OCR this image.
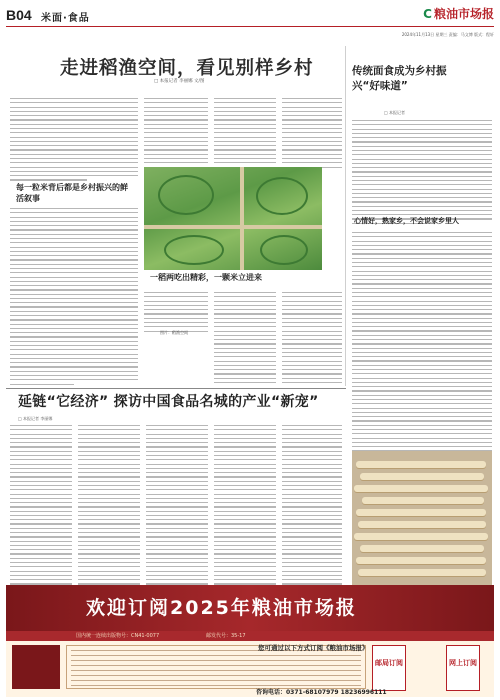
B04 米面·食品	C 粮油市场报
2024年11月13日 星期三 责编：马文博 版式：程轩
走进稻渔空间，看见别样乡村
□ 本报记者 李丽娜 文/图
每一粒米背后都是乡村振兴的鲜活叙事
一稻两吃出精彩，一颗米立进来
图片：稻渔空间
传统面食成为乡村振兴“好味道”
□ 本报记者
心情好，熟家乡，不会说家乡里人
延链“它经济” 探访中国食品名城的产业“新宠”
□ 本报记者 李丽娜
欢迎订阅2025年粮油市场报
国内统一连续出版物号：CN41-0077	邮发代号：35-17
您可通过以下方式订阅《粮油市场报》
邮局订阅	网上订阅
咨询电话：0371-68107979 18236996111
